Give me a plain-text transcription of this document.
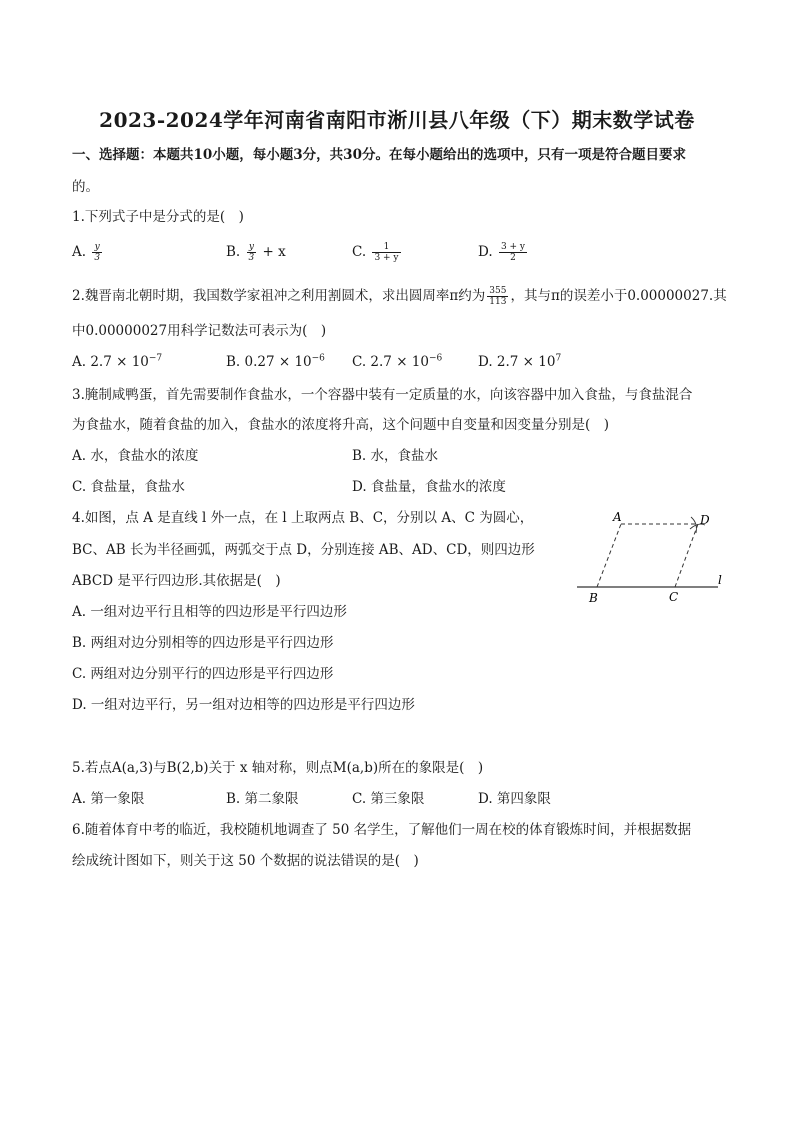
2023-2024学年河南省南阳市淅川县八年级（下）期末数学试卷
一、选择题：本题共10小题，每小题3分，共30分。在每小题给出的选项中，只有一项是符合题目要求
的。
1.下列式子中是分式的是(　)
A. $\frac{y}{3}$	B. $\frac{y}{3} + x$	C. $\frac{1}{3 + y}$	D. $\frac{3 + y}{2}$
2.魏晋南北朝时期，我国数学家祖冲之利用割圆术，求出圆周率π约为 $\frac{355}{113}$ ，其与π的误差小于0.00000027.其
中0.00000027用科学记数法可表示为(　)
A. $2.7 \times 10^{-7}$	B. $0.27 \times 10^{-6}$ C. $2.7 \times 10^{-6}$	D. $2.7 \times 10^7$
3.腌制咸鸭蛋，首先需要制作食盐水，一个容器中装有一定质量的水，向该容器中加入食盐，与食盐混合
为食盐水，随着食盐的加入，食盐水的浓度将升高，这个问题中自变量和因变量分别是(　)
A. 水，食盐水的浓度	B. 水，食盐水
C. 食盐量，食盐水	D. 食盐量，食盐水的浓度
4.如图，点 A 是直线 l 外一点，在 l 上取两点 B、C，分别以 A、C 为圆心，
BC、AB 长为半径画弧，两弧交于点 D，分别连接 AB、AD、CD，则四边形
ABCD 是平行四边形.其依据是(　)
A. 一组对边平行且相等的四边形是平行四边形
B. 两组对边分别相等的四边形是平行四边形
C. 两组对边分别平行的四边形是平行四边形
D. 一组对边平行，另一组对边相等的四边形是平行四边形
A	D
B	C
l
5.若点A(a,3)与B(2,b)关于 x 轴对称，则点M(a,b)所在的象限是(　)
A. 第一象限	B. 第二象限	C. 第三象限	D. 第四象限
6.随着体育中考的临近，我校随机地调查了 50 名学生，了解他们一周在校的体育锻炼时间，并根据数据
绘成统计图如下，则关于这 50 个数据的说法错误的是(　)
